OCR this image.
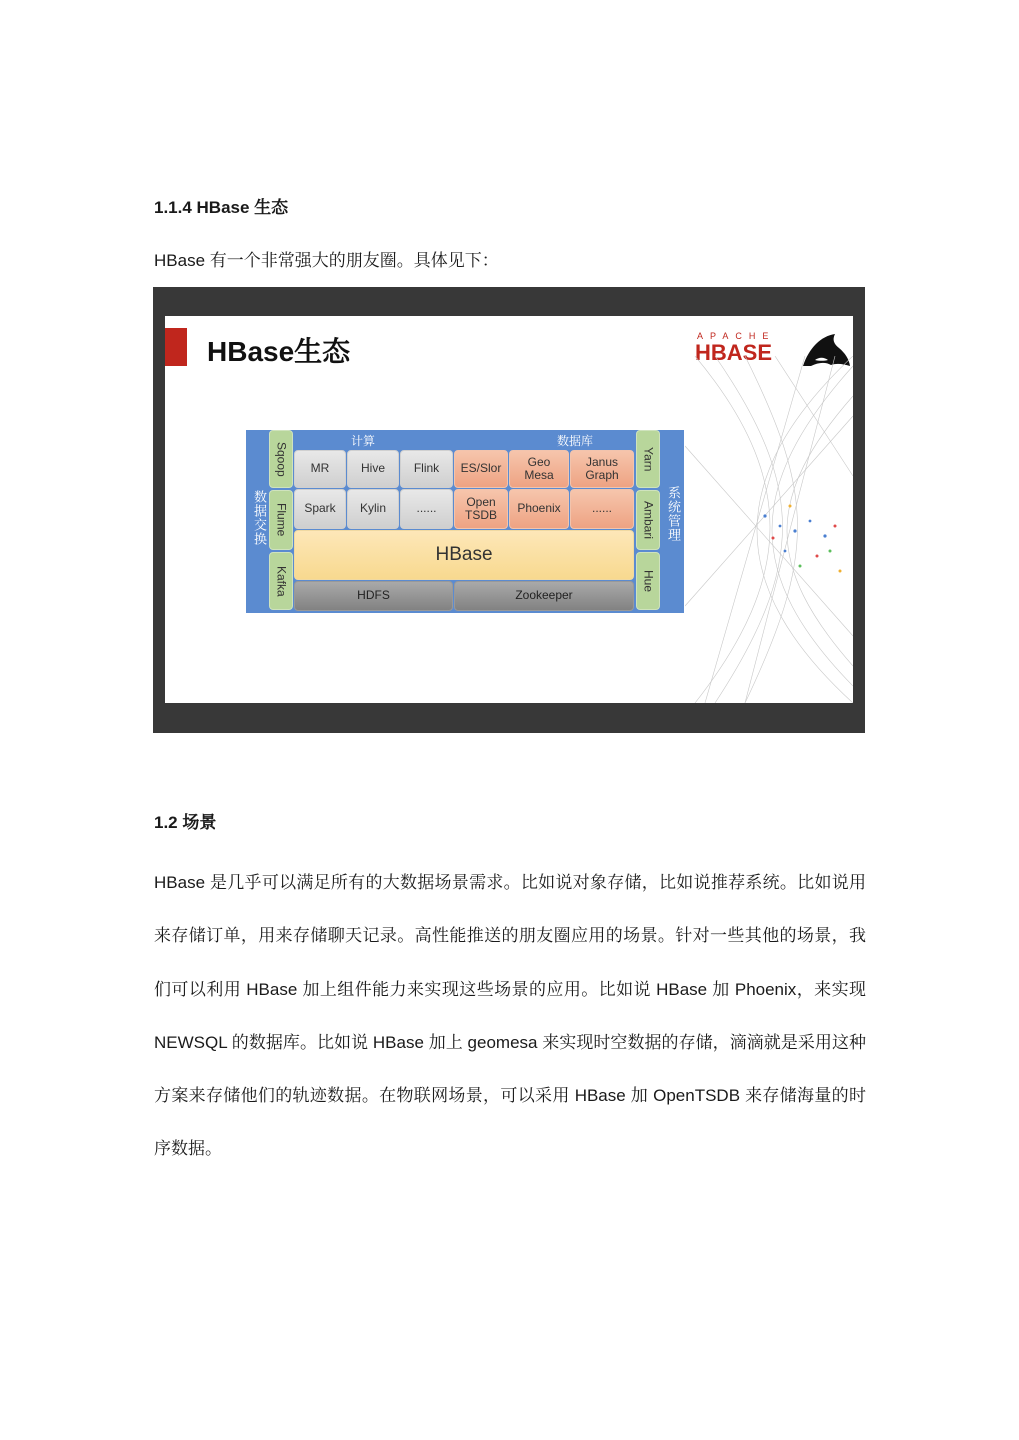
1.1.4 HBase 生态

HBase 有一个非常强大的朋友圈。具体见下：

HBase生态	APACHE
HBASE
数据交换	系统管理
计算	数据库
Sqoop
Flume
Kafka
Yarn
Ambari
Hue
MR	Hive	Flink
Spark	Kylin	......
ES/Slor	Geo
Mesa
Janus
Graph
Open
TSDB	Phoenix	......
HBase
HDFS	Zookeeper
1.2 场景

HBase 是几乎可以满足所有的大数据场景需求。比如说对象存储，比如说推荐系统。比如说用来存储订单，用来存储聊天记录。高性能推送的朋友圈应用的场景。针对一些其他的场景，我们可以利用 HBase 加上组件能力来实现这些场景的应用。比如说 HBase 加 Phoenix，来实现 NEWSQL 的数据库。比如说 HBase 加上 geomesa 来实现时空数据的存储，滴滴就是采用这种方案来存储他们的轨迹数据。在物联网场景，可以采用 HBase 加 OpenTSDB 来存储海量的时序数据。
